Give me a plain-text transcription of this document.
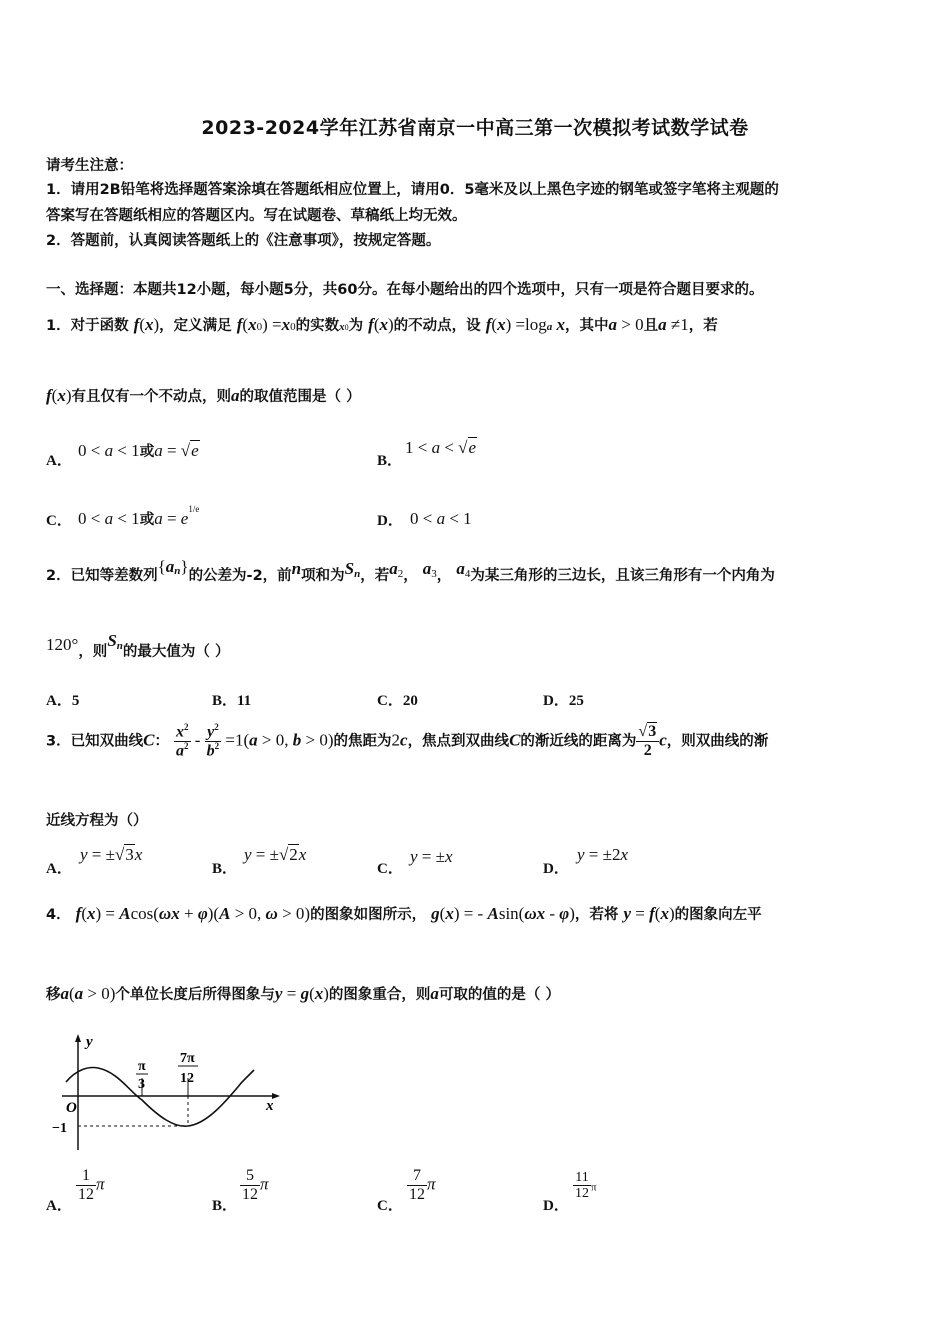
2023-2024学年江苏省南京一中高三第一次模拟考试数学试卷
请考生注意：
1．请用2B铅笔将选择题答案涂填在答题纸相应位置上，请用0．5毫米及以上黑色字迹的钢笔或签字笔将主观题的
答案写在答题纸相应的答题区内。写在试题卷、草稿纸上均无效。
2．答题前，认真阅读答题纸上的《注意事项》，按规定答题。
一、选择题：本题共12小题，每小题5分，共60分。在每小题给出的四个选项中，只有一项是符合题目要求的。
1．对于函数 f(x)，定义满足 f(x0) =x0的实数x0为 f(x)的不动点，设 f(x) =loga x，其中a > 0且a ≠1，若
f(x)有且仅有一个不动点，则a的取值范围是（ ）
A．
0 < a < 1或a = √e
B．
1 < a < √e
C． 0 < a < 1或$a = e^{1/e}$
D． 0 < a < 1
2．已知等差数列$\{a^n\}$的公差为-2，前n项和为$S^n$，若$a^2$， $a^3$， $a^4$为某三角形的三边长，且该三角形有一个内角为
120°，则$S^n$的最大值为（ ）
A．5	B．11	C．20	D．25
3．已知双曲线C： $\frac{x^2}{a^2} - \frac{y^2}{b^2} =1(a > 0$, b > 0)的焦距为2c，焦点到双曲线C的渐近线的距离为 $\frac{√3}{2}$ c，则双曲线的渐
近线方程为（）
A．
y = ±√3x
B．
y = ±√2x
C．
y = ±x
D．
y = ±2x
4． f(x) = Acos(ωx + φ)(A > 0, ω > 0)的图象如图所示， g(x) = - Asin(ωx - φ)，若将 y = f(x)的图象向左平
移a(a > 0)个单位长度后所得图象与y = g(x)的图象重合，则a可取的值的是（ ）
y
x
O
−1
π
3
7π
12
A．
$\frac{1}{12}$ π
B．
$\frac{5}{12}$ π
C．
$\frac{7}{12}$ π
D．
$\frac{11}{12}$ π
